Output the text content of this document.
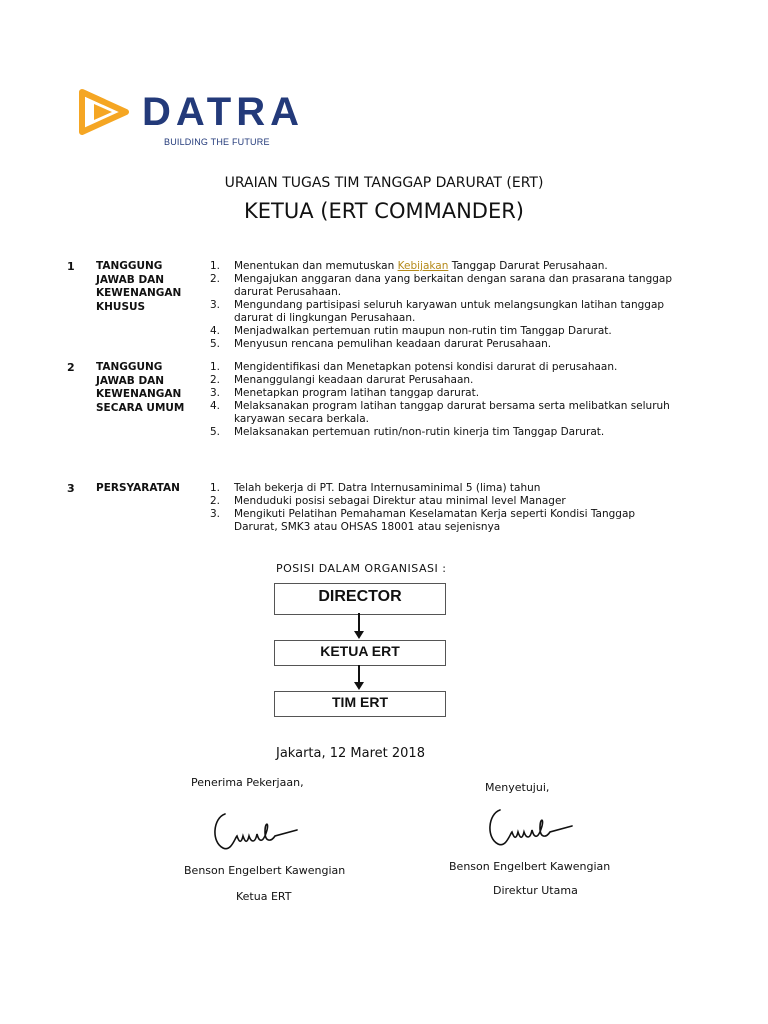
DATRA
BUILDING THE FUTURE
URAIAN TUGAS TIM TANGGAP DARURAT (ERT)
KETUA (ERT COMMANDER)
1 TANGGUNG JAWAB DAN KEWENANGAN KHUSUS
1.	Menentukan dan memutuskan Kebijakan Tanggap Darurat Perusahaan.
2.	Mengajukan anggaran dana yang berkaitan dengan sarana dan prasarana tanggap darurat Perusahaan.
3.	Mengundang partisipasi seluruh karyawan untuk melangsungkan latihan tanggap darurat di lingkungan Perusahaan.
4.	Menjadwalkan pertemuan rutin maupun non-rutin tim Tanggap Darurat.
5.	Menyusun rencana pemulihan keadaan darurat Perusahaan.
2 TANGGUNG JAWAB DAN KEWENANGAN SECARA UMUM
1.	Mengidentifikasi dan Menetapkan potensi kondisi darurat di perusahaan.
2.	Menanggulangi keadaan darurat Perusahaan.
3.	Menetapkan program latihan tanggap darurat.
4.	Melaksanakan program latihan tanggap darurat bersama serta melibatkan seluruh karyawan secara berkala.
5.	Melaksanakan pertemuan rutin/non-rutin kinerja tim Tanggap Darurat.
3 PERSYARATAN	1.	Telah bekerja di PT. Datra Internusaminimal 5 (lima) tahun
2.	Menduduki posisi sebagai Direktur atau minimal level Manager
3.	Mengikuti Pelatihan Pemahaman Keselamatan Kerja seperti Kondisi Tanggap Darurat, SMK3 atau OHSAS 18001 atau sejenisnya
POSISI DALAM ORGANISASI :
DIRECTOR
KETUA ERT
TIM ERT
Jakarta, 12 Maret 2018
Penerima Pekerjaan,
Benson Engelbert Kawengian
Ketua ERT
Menyetujui,
Benson Engelbert Kawengian
Direktur Utama
